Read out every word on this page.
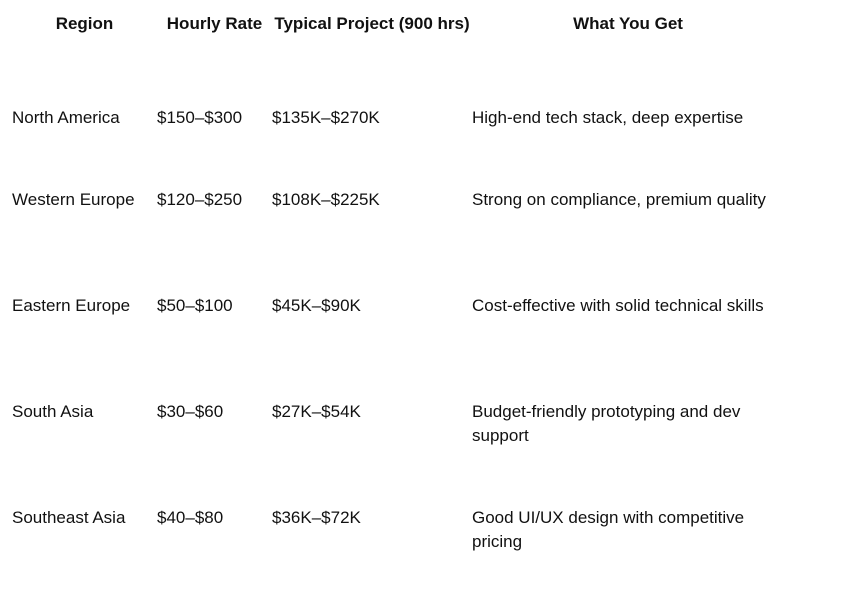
Region	Hourly Rate	Typical Project (900 hrs)	What You Get
North America	$150–$300	$135K–$270K	High-end tech stack, deep expertise
Western Europe	$120–$250	$108K–$225K	Strong on compliance, premium quality
Eastern Europe	$50–$100	$45K–$90K	Cost-effective with solid technical skills
South Asia	$30–$60	$27K–$54K	Budget-friendly prototyping and dev support
Southeast Asia	$40–$80	$36K–$72K	Good UI/UX design with competitive pricing
